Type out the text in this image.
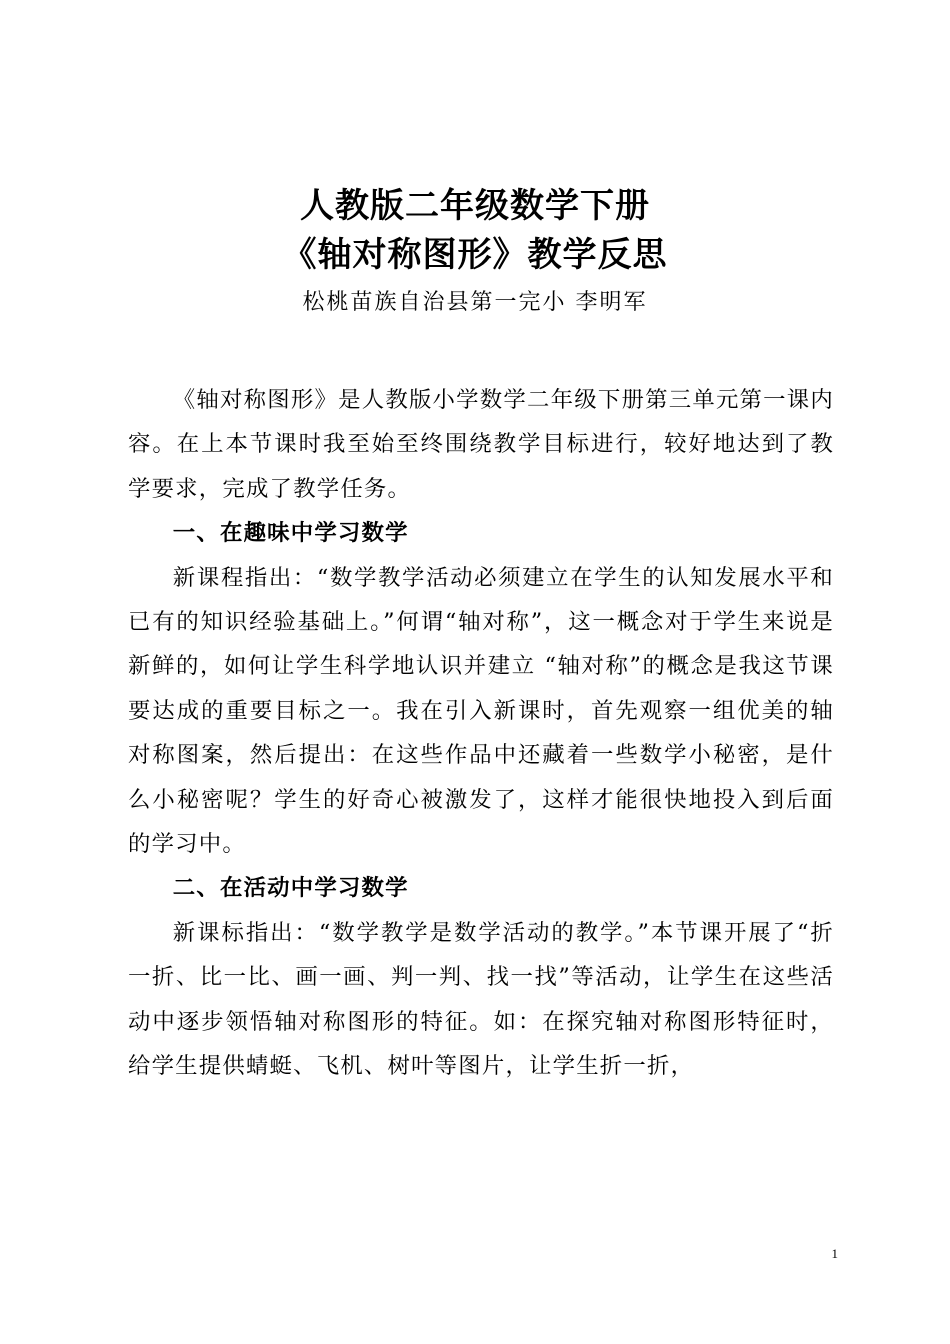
人教版二年级数学下册
《轴对称图形》教学反思
松桃苗族自治县第一完小 李明军

《轴对称图形》是人教版小学数学二年级下册第三单元第一课内容。在上本节课时我至始至终围绕教学目标进行，较好地达到了教学要求，完成了教学任务。

一、在趣味中学习数学

新课程指出：“数学教学活动必须建立在学生的认知发展水平和已有的知识经验基础上。”何谓“轴对称”，这一概念对于学生来说是新鲜的，如何让学生科学地认识并建立 “轴对称”的概念是我这节课要达成的重要目标之一。我在引入新课时，首先观察一组优美的轴对称图案，然后提出：在这些作品中还藏着一些数学小秘密，是什么小秘密呢？学生的好奇心被激发了，这样才能很快地投入到后面的学习中。

二、在活动中学习数学

新课标指出：“数学教学是数学活动的教学。”本节课开展了“折一折、比一比、画一画、判一判、找一找”等活动，让学生在这些活动中逐步领悟轴对称图形的特征。如：在探究轴对称图形特征时，给学生提供蜻蜓、飞机、树叶等图片，让学生折一折，

1
